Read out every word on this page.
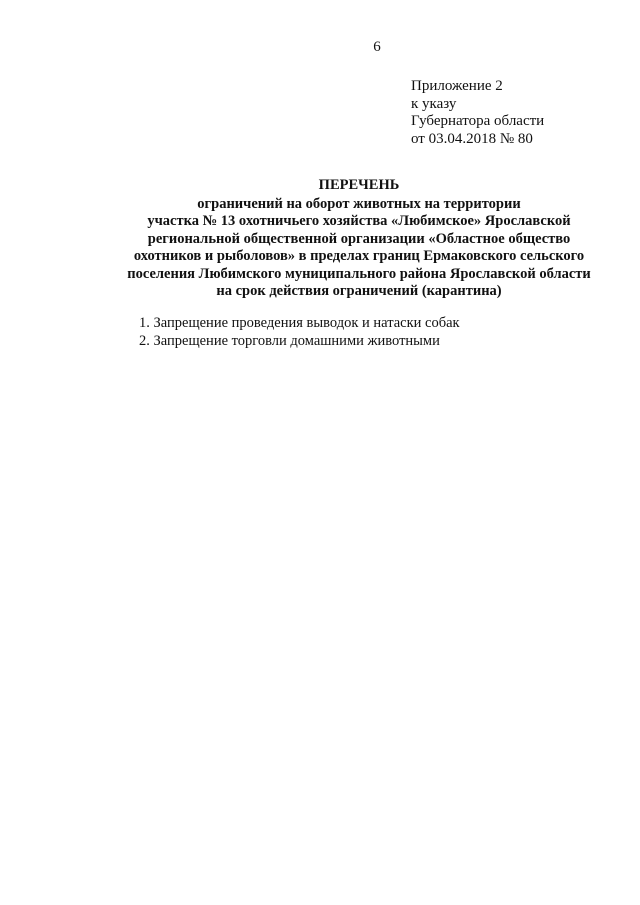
6
Приложение 2
к указу
Губернатора области
от 03.04.2018 № 80
ПЕРЕЧЕНЬ
ограничений на оборот животных на территории
участка № 13 охотничьего хозяйства «Любимское» Ярославской
региональной общественной организации «Областное общество
охотников и рыболовов» в пределах границ Ермаковского сельского
поселения Любимского муниципального района Ярославской области
на срок действия ограничений (карантина)
1. Запрещение проведения выводок и натаски собак
2. Запрещение торговли домашними животными
